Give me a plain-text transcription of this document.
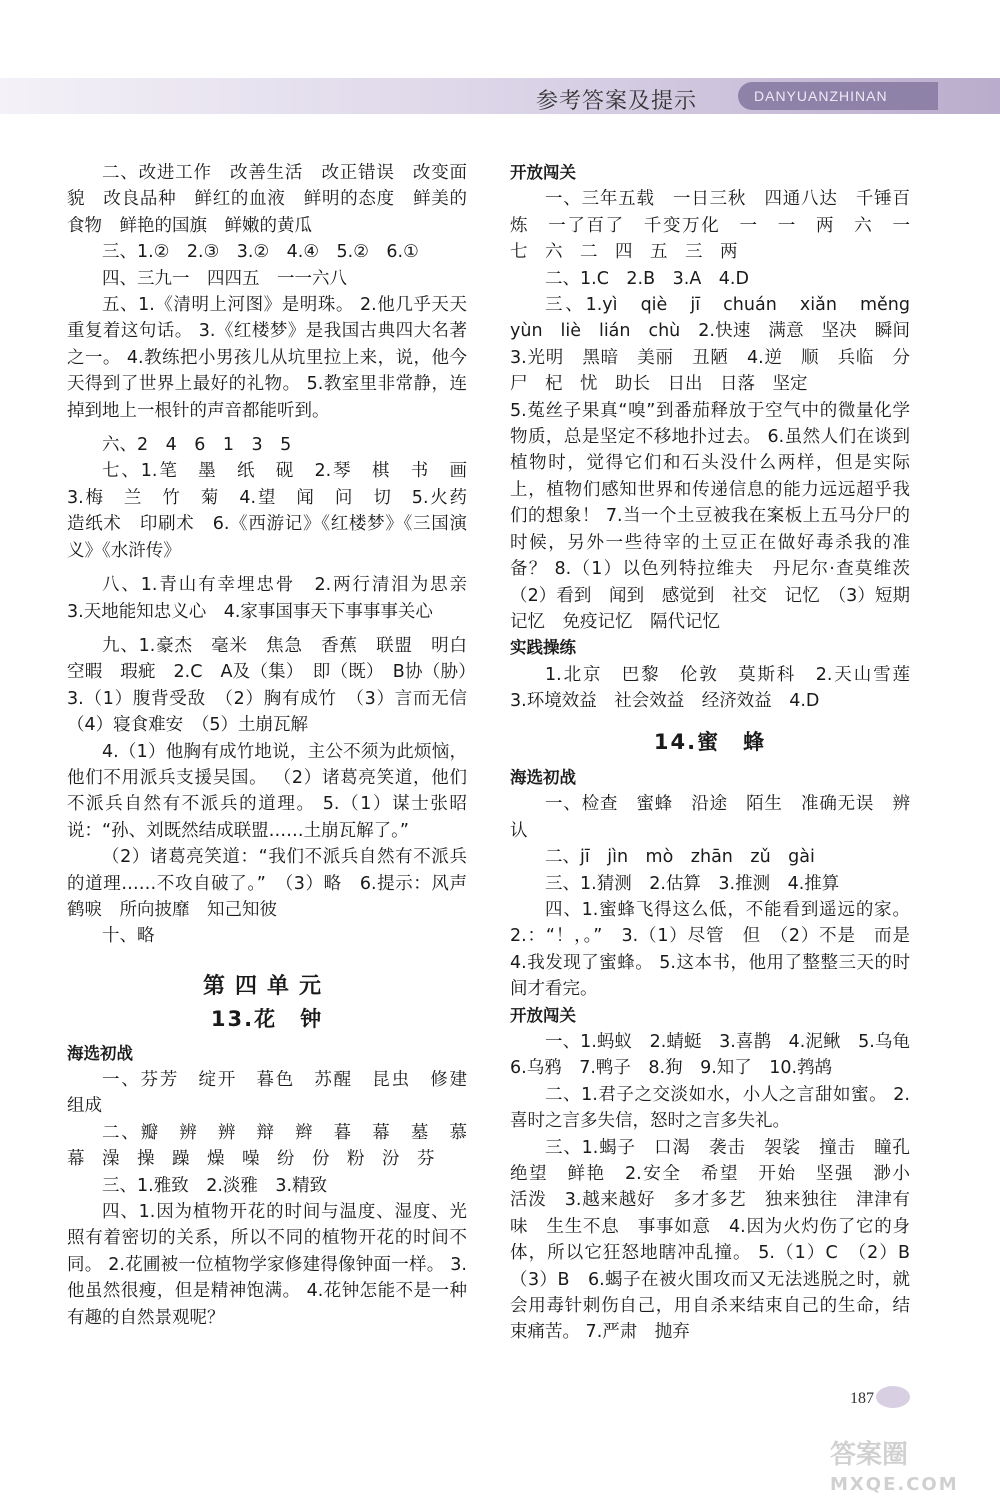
参考答案及提示	DANYUANZHINAN

二、改进工作　改善生活　改正错误　改变面貌　改良品种　鲜红的血液　鲜明的态度　鲜美的食物　鲜艳的国旗　鲜嫩的黄瓜

三、1.②　2.③　3.②　4.④　5.②　6.①

四、三九一　四四五　一一六八

五、1.《清明上河图》是明珠。 2.他几乎天天重复着这句话。 3.《红楼梦》是我国古典四大名著之一。 4.教练把小男孩儿从坑里拉上来，说，他今天得到了世界上最好的礼物。 5.教室里非常静，连掉到地上一根针的声音都能听到。

六、2　4　6　1　3　5

七、1.笔　墨　纸　砚　2.琴　棋　书　画　3.梅　兰　竹　菊　4.望　闻　问　切　5.火药　造纸术　印刷术　6.《西游记》《红楼梦》《三国演义》《水浒传》

八、1.青山有幸埋忠骨　2.两行清泪为思亲　3.天地能知忠义心　4.家事国事天下事事事关心

九、1.豪杰　毫米　焦急　香蕉　联盟　明白　空暇　瑕疵　2.C　A及（集）　即（既）　B协（胁）　3.（1）腹背受敌　（2）胸有成竹　（3）言而无信　（4）寝食难安　（5）土崩瓦解

4.（1）他胸有成竹地说，主公不须为此烦恼，他们不用派兵支援吴国。 （2）诸葛亮笑道，他们不派兵自然有不派兵的道理。 5.（1）谋士张昭说：“孙、刘既然结成联盟……土崩瓦解了。”

（2）诸葛亮笑道：“我们不派兵自然有不派兵的道理……不攻自破了。”　（3）略　6.提示：风声鹤唳　所向披靡　知己知彼

十、略

第四单元
13.花　钟

海选初战

一、芬芳　绽开　暮色　苏醒　昆虫　修建　组成

二、瓣　辨　辨　辩　辫　暮　幕　墓　慕　幕　澡　操　躁　燥　噪　纷　份　粉　汾　芬

三、1.雅致　2.淡雅　3.精致

四、1.因为植物开花的时间与温度、湿度、光照有着密切的关系，所以不同的植物开花的时间不同。 2.花圃被一位植物学家修建得像钟面一样。 3.他虽然很瘦，但是精神饱满。 4.花钟怎能不是一种有趣的自然景观呢？

开放闯关

一、三年五载　一日三秋　四通八达　千锤百炼　一了百了　千变万化　一　一　两　六　一　七　六　二　四　五　三　两

二、1.C　2.B　3.A　4.D

三、1.yì　qiè　jī　chuán　xiǎn　měng　yùn　liè　lián　chù　2.快速　满意　坚决　瞬间　3.光明　黑暗　美丽　丑陋　4.逆　顺　兵临　分尸　杞　忧　助长　日出　日落　坚定

5.菟丝子果真“嗅”到番茄释放于空气中的微量化学物质，总是坚定不移地扑过去。 6.虽然人们在谈到植物时，觉得它们和石头没什么两样，但是实际上，植物们感知世界和传递信息的能力远远超乎我们的想象！ 7.当一个土豆被我在案板上五马分尸的时候，另外一些待宰的土豆正在做好毒杀我的准备？ 8.（1）以色列特拉维夫　丹尼尔·查莫维茨　（2）看到　闻到　感觉到　社交　记忆　（3）短期记忆　免疫记忆　隔代记忆

实践操练

1.北京　巴黎　伦敦　莫斯科　2.天山雪莲　3.环境效益　社会效益　经济效益　4.D

14.蜜　蜂

海选初战

一、检查　蜜蜂　沿途　陌生　准确无误　辨认

二、jī　jìn　mò　zhān　zǔ　gài

三、1.猜测　2.估算　3.推测　4.推算

四、1.蜜蜂飞得这么低，不能看到遥远的家。 2.：“！，。”　3.（1）尽管　但　（2）不是　而是　4.我发现了蜜蜂。 5.这本书，他用了整整三天的时间才看完。

开放闯关

一、1.蚂蚁　2.蜻蜓　3.喜鹊　4.泥鳅　5.乌龟　6.乌鸦　7.鸭子　8.狗　9.知了　10.鹁鸪

二、1.君子之交淡如水，小人之言甜如蜜。 2.喜时之言多失信，怒时之言多失礼。

三、1.蝎子　口渴　袭击　袈裟　撞击　瞳孔　绝望　鲜艳　2.安全　希望　开始　坚强　渺小　活泼　3.越来越好　多才多艺　独来独往　津津有味　生生不息　事事如意　4.因为火灼伤了它的身体，所以它狂怒地瞎冲乱撞。 5.（1）C　（2）B　（3）B　6.蝎子在被火围攻而又无法逃脱之时，就会用毒针刺伤自己，用自杀来结束自己的生命，结束痛苦。 7.严肃　抛弃

187
答案圈
MXQE.COM
